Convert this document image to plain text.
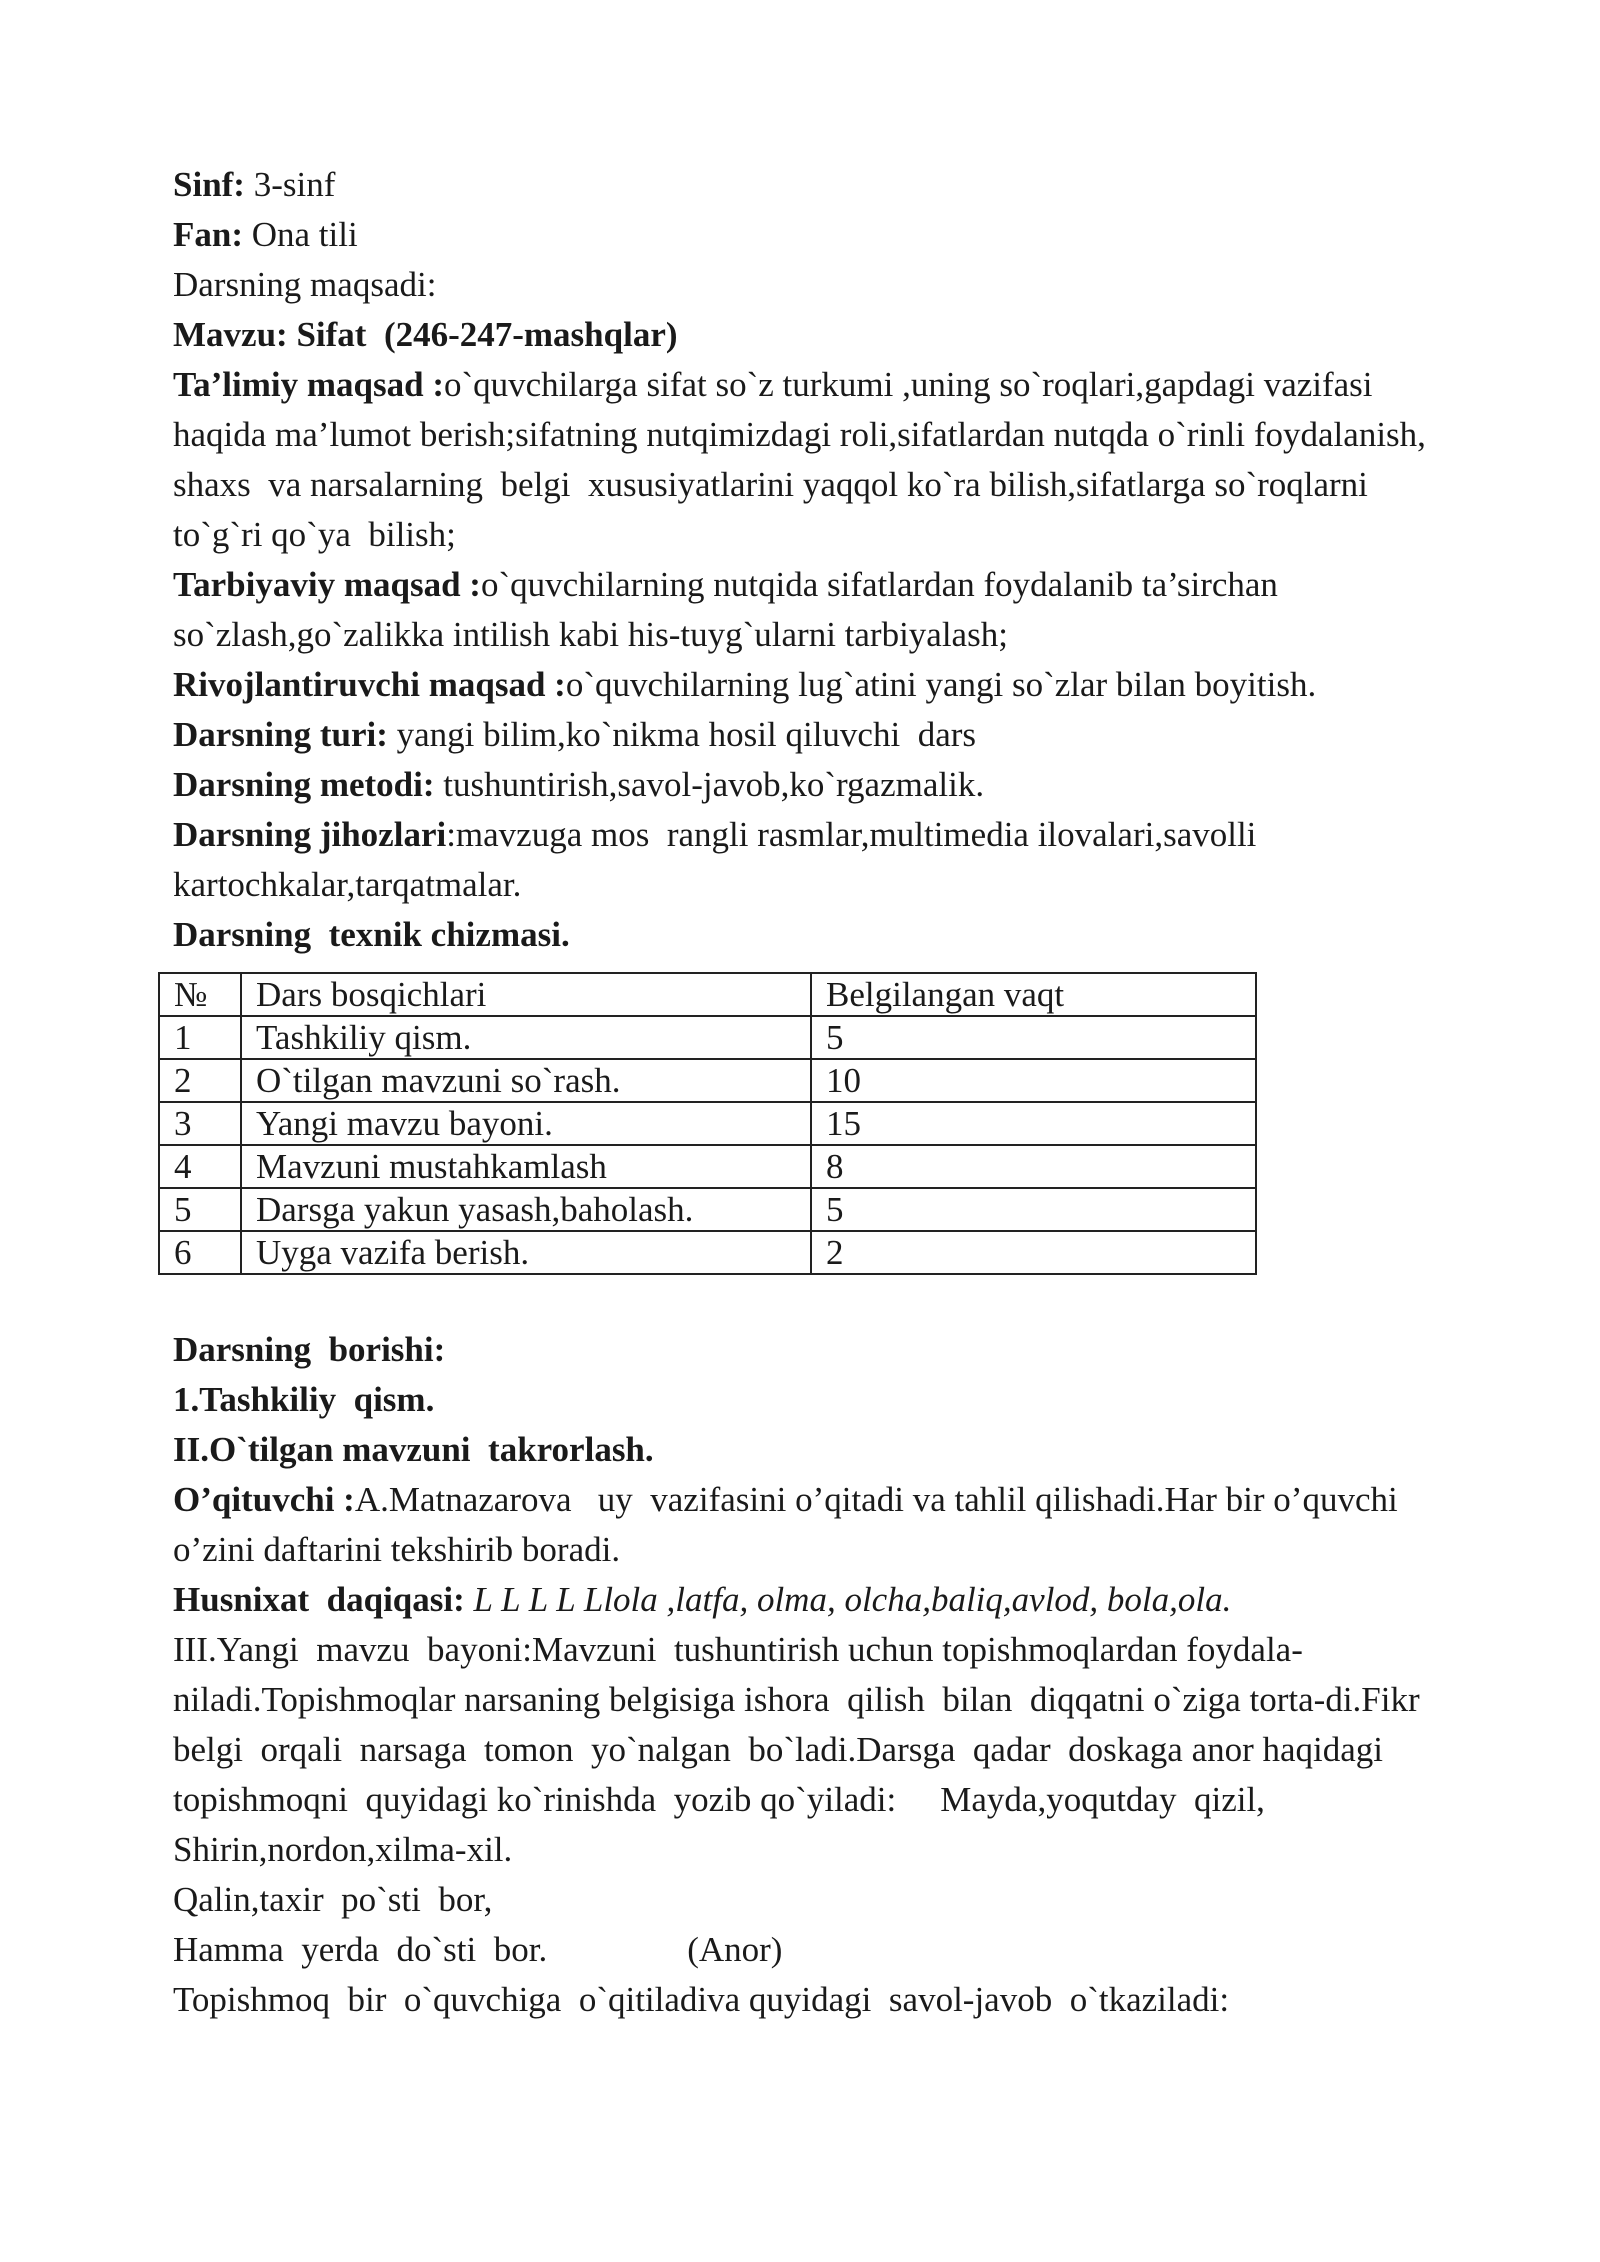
Sinf: 3-sinf

Fan: Ona tili

Darsning maqsadi:

Mavzu: Sifat  (246-247-mashqlar)

Ta’limiy maqsad :o`quvchilarga sifat so`z turkumi ,uning so`roqlari,gapdagi vazifasi

haqida ma’lumot berish;sifatning nutqimizdagi roli,sifatlardan nutqda o`rinli foydalanish,

shaxs  va narsalarning  belgi  xususiyatlarini yaqqol ko`ra bilish,sifatlarga so`roqlarni

to`g`ri qo`ya  bilish;

Tarbiyaviy maqsad :o`quvchilarning nutqida sifatlardan foydalanib ta’sirchan

so`zlash,go`zalikka intilish kabi his-tuyg`ularni tarbiyalash;

Rivojlantiruvchi maqsad :o`quvchilarning lug`atini yangi so`zlar bilan boyitish.

Darsning turi: yangi bilim,ko`nikma hosil qiluvchi  dars

Darsning metodi: tushuntirish,savol-javob,ko`rgazmalik.

Darsning jihozlari:mavzuga mos  rangli rasmlar,multimedia ilovalari,savolli

kartochkalar,tarqatmalar.

Darsning  texnik chizmasi.

№	Dars bosqichlari	Belgilangan vaqt
1	Tashkiliy qism.	5
2	O`tilgan mavzuni so`rash.	10
3	Yangi mavzu bayoni.	15
4	Mavzuni mustahkamlash	8
5	Darsga yakun yasash,baholash.	5
6	Uyga vazifa berish.	2

Darsning  borishi:

1.Tashkiliy  qism.

II.O`tilgan mavzuni  takrorlash.

O’qituvchi :A.Matnazarova   uy  vazifasini o’qitadi va tahlil qilishadi.Har bir o’quvchi

o’zini daftarini tekshirib boradi.

Husnixat  daqiqasi: L L L L Llola ,latfa, olma, olcha,baliq,avlod, bola,ola.

III.Yangi  mavzu  bayoni:Mavzuni  tushuntirish uchun topishmoqlardan foydala-

niladi.Topishmoqlar narsaning belgisiga ishora  qilish  bilan  diqqatni o`ziga torta-di.Fikr

belgi  orqali  narsaga  tomon  yo`nalgan  bo`ladi.Darsga  qadar  doskaga anor haqidagi

topishmoqni  quyidagi ko`rinishda  yozib qo`yiladi: Mayda,yoqutday  qizil,

Shirin,nordon,xilma-xil.

Qalin,taxir  po`sti  bor,

Hamma  yerda  do`sti  bor.	(Anor)

Topishmoq  bir  o`quvchiga  o`qitiladiva quyidagi  savol-javob  o`tkaziladi:
